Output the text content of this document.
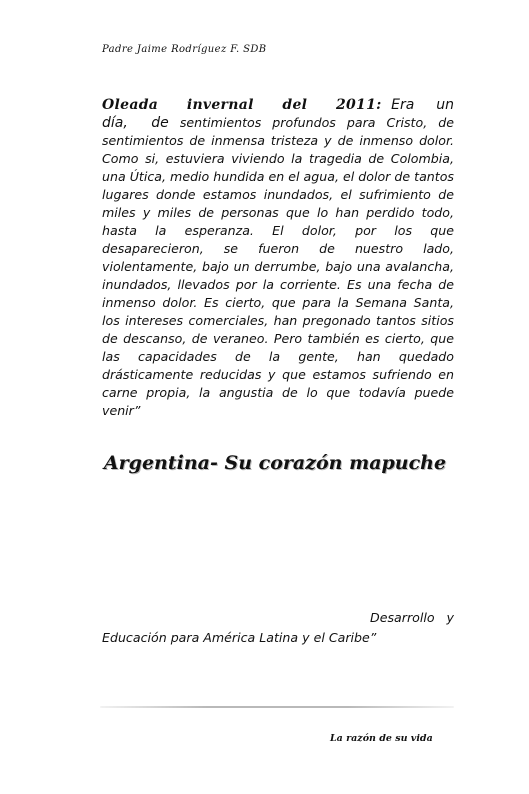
Padre Jaime Rodríguez F. SDB
Oleada invernal del 2011: Era un día, de sentimientos profundos para Cristo, de sentimientos de inmensa tristeza y de inmenso dolor. Como si, estuviera viviendo la tragedia de Colombia, una Útica, medio hundida en el agua, el dolor de tantos lugares donde estamos inundados, el sufrimiento de miles y miles de personas que lo han perdido todo, hasta la esperanza. El dolor, por los que desaparecieron, se fueron de nuestro lado, violentamente, bajo un derrumbe, bajo una avalancha, inundados, llevados por la corriente. Es una fecha de inmenso dolor. Es cierto, que para la Semana Santa, los intereses comerciales, han pregonado tantos sitios de descanso, de veraneo. Pero también es cierto, que las capacidades de la gente, han quedado drásticamente reducidas y que estamos sufriendo en carne propia, la angustia de lo que todavía puede venir”
Argentina- Su corazón mapuche
Desarrollo y
Educación para América Latina y el Caribe”
La razón de su vida
